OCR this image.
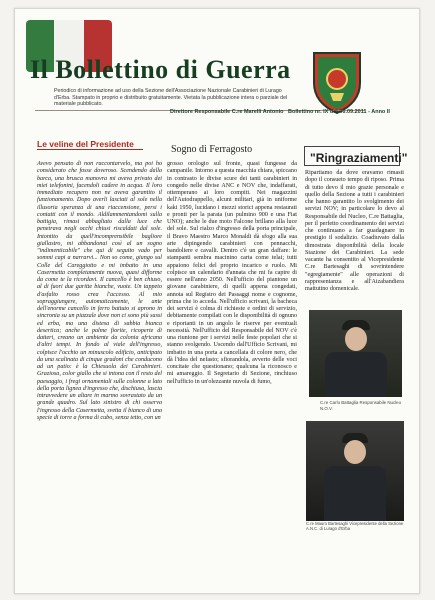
Il Bollettino di Guerra
Periodico di informazione ad uso della Sezione dell'Associazione Nazionale Carabinieri di Lurago d'Erba. Stampato in proprio e distribuito gratuitamente. Vietata la pubblicazione intera o parziale del materiale pubblicato.
Direttore Responsabile C.re Marelli Antonio Bollettino nr. IX del 06.09.2011 - Anno II
Le veline del Presidente	Sogno di Ferragosto
"Ringraziamenti"
Avevo pensato di non raccontarvelo, ma poi ho considerato che fosse doveroso. Scendendo dalla barca, una brusca manovra mi aveva privato dei miei telefonini, facendoli cadere in acqua. Il loro immediato recupero non ne aveva garantito il funzionamento. Dopo averli lasciati al sole nella illusoria speranza di una riaccensione, persi i contatti con il mondo. Aldilammentandomi sulla battigia, rimasi abbagliato dalla luce che penetrava negli occhi chiusi riscaldati dal sole. Intontito da quell'incomprensibile bagliore giallastro, mi abbandonai così al un sogno "indimenticabile" che qui di seguito vado per sommi capi a narrarvi... Non so come, giungo sul Colle del Careggiotto e mi imbatto in una Casermetta completamente nuova, quasi difforme da come te la ricordavi. Il cancello è ben chiuso, al di fuori due garitte bianche, vuote. Un tappeto d'asfalto rosso crea l'accesso. Al mio sopraggiungere, automaticamente, le ante dell'enorme cancello in ferro battuto si aprono in sincronia su un piazzale dove non ci sono più sassi ed erba, ma una distesa di sabbia bianca desertica; anche le palme fiorite, ricoperte di datteri, creano un ambiente da colonia africana d'altri tempi. In fondo al viale dell'ingresso, colpisce l'occhio un minuscolo edificio, anticipato da una scalinata di cinque gradoni che conducono ad un patio: è la Chiesuola dei Carabinieri. Graziosa, color giallo che si intona con il resto del paesaggio, i fregi ornamentali sulle colonne a lato della porta lignea d'ingresso che, dischiusa, lascia intravvedere un altare in marmo sovrastato da un grande quadro. Sul lato sinistro di chi osserva l'ingresso della Casermetta, svetta il bianco di una specie di torre a forma di cubo, senza tetto, con un
grosso orologio sul fronte, quasi fungesse da campanile. Intorno a questa macchia chiara, spiccano in contrasto le divise scure dei tanti carabinieri in congedo nelle divise ANC e NOV che, indaffarati, ottemperano ai loro compiti. Nei magazzini dell'Autodrappello, alcuni militari, già in uniforme kaki 1950, lucidano i mezzi storici appena restaurati e pronti per la parata (un pulmino 900 e una Fiat UNO); anche le due moto Falcone brillano alla luce del sole. Sul rialzo d'ingresso della porta principale, il Bravo Maestro Marco Monaldi dà sfogo alla sua arte dipingendo carabinieri con pennacchi, bandoliere e cavalli. Dentro c'è un gran daffare: le stampanti sembra macinino carta come telai; tutti appaiono felici del proprio incarico e ruolo. Mi colpisce un calendario d'annata che mi fa capire di essere nell'anno 2050. Nell'ufficio del piantone un giovane carabiniere, di quelli appena congedati, annota sul Registro dei Passaggi nome e cognome, prima che io acceda. Nell'ufficio scrivani, la bacheca dei servizi è colma di richieste e ordini di servizio, debitamente compilati con le disponibilità di ognuno e riportanti in un angolo le riserve per eventuali necessità. Nell'ufficio del Responsabile del NOV c'è una riunione per i servizi nelle feste popolari che si stanno svolgendo. Uscendo dall'Ufficio Scrivani, mi imbatto in una porta a cancellata di colore nero, che dà l'idea del nefasto; sfiorandola, avverto delle voci concitate che questionano; qualcuna la riconosco e mi amareggio. Il Segretario di Sezione, rinchiuso nell'ufficio in un'olezzante nuvola di fumo,
Ripartiamo da dove eravamo rimasti dopo il consueto tempo di riposo. Prima di tutto devo il mio grazie personale e quello della Sezione a tutti i carabinieri che hanno garantito lo svolgimento dei servizi NOV; in particolare lo devo al Responsabile del Nucleo, C.re Battaglia, per il perfetto coordinamento dei servizi che continuano a far guadagnare in prestigio il sodalizio. Coadiuvato dalla dimostrata disponibilità della locale Stazione dei Carabinieri. La sede vacante ha consentito al Vicepresidente C.re Bartesaghi di sovrintendere "egregiamente" alle operazioni di rappresentanza e all'Aizabandiera mattutino domenicale.
C.re Carlo Battaglia Responsabile Nucleo N.O.V.
C.re Mauro Bartesaghi Vicepresidente della Sezione A.N.C. di Lurago d'Erba
